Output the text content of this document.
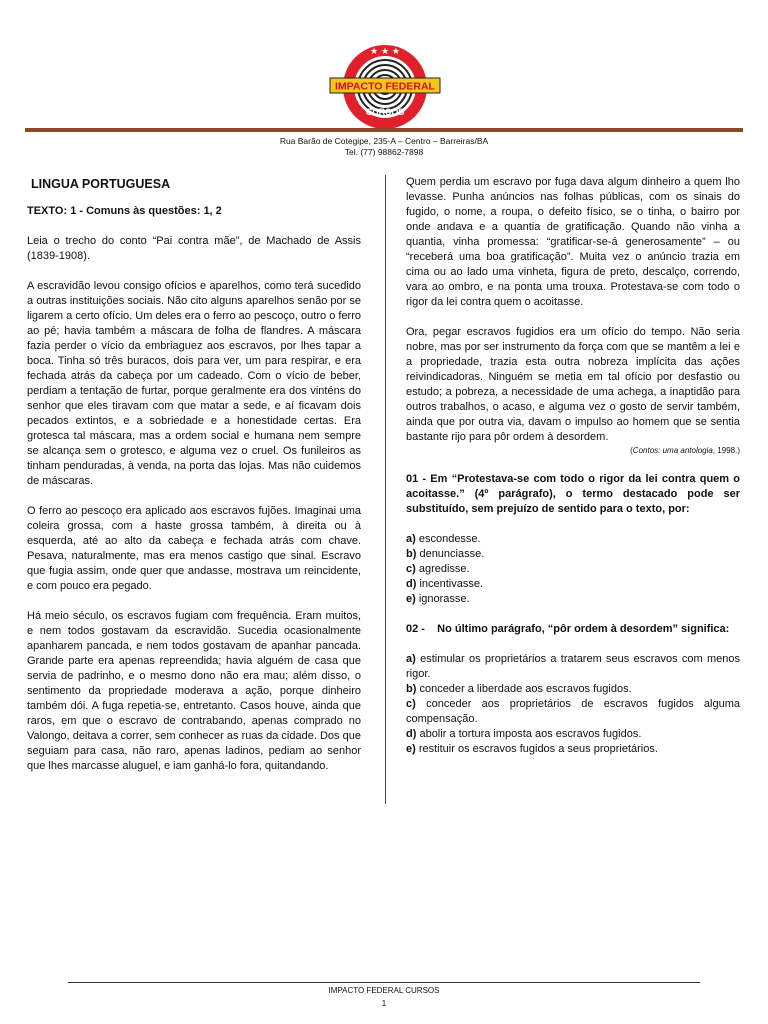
★ ★ ★
IMPACTO FEDERAL
CURSOS
Rua Barão de Cotegipe, 235-A – Centro – Barreiras/BA
Tel. (77) 98862-7898

LINGUA PORTUGUESA

TEXTO: 1 - Comuns às questões: 1, 2

Leia o trecho do conto “Pai contra mãe”, de Machado de Assis (1839-1908).

A escravidão levou consigo ofícios e aparelhos, como terá sucedido a outras instituições sociais. Não cito alguns aparelhos senão por se ligarem a certo ofício. Um deles era o ferro ao pescoço, outro o ferro ao pé; havia também a máscara de folha de flandres. A máscara fazia perder o vício da embriaguez aos escravos, por lhes tapar a boca. Tinha só três buracos, dois para ver, um para respirar, e era fechada atrás da cabeça por um cadeado. Com o vício de beber, perdiam a tentação de furtar, porque geralmente era dos vinténs do senhor que eles tiravam com que matar a sede, e aí ficavam dois pecados extintos, e a sobriedade e a honestidade certas. Era grotesca tal máscara, mas a ordem social e humana nem sempre se alcança sem o grotesco, e alguma vez o cruel. Os funileiros as tinham penduradas, à venda, na porta das lojas. Mas não cuidemos de máscaras.

O ferro ao pescoço era aplicado aos escravos fujões. Imaginai uma coleira grossa, com a haste grossa também, à direita ou à esquerda, até ao alto da cabeça e fechada atrás com chave. Pesava, naturalmente, mas era menos castigo que sinal. Escravo que fugia assim, onde quer que andasse, mostrava um reincidente, e com pouco era pegado.

Há meio século, os escravos fugiam com frequência. Eram muitos, e nem todos gostavam da escravidão. Sucedia ocasionalmente apanharem pancada, e nem todos gostavam de apanhar pancada. Grande parte era apenas repreendida; havia alguém de casa que servia de padrinho, e o mesmo dono não era mau; além disso, o sentimento da propriedade moderava a ação, porque dinheiro também dói. A fuga repetia-se, entretanto. Casos houve, ainda que raros, em que o escravo de contrabando, apenas comprado no Valongo, deitava a correr, sem conhecer as ruas da cidade. Dos que seguiam para casa, não raro, apenas ladinos, pediam ao senhor que lhes marcasse aluguel, e iam ganhá-lo fora, quitandando.

Quem perdia um escravo por fuga dava algum dinheiro a quem lho levasse. Punha anúncios nas folhas públicas, com os sinais do fugido, o nome, a roupa, o defeito físico, se o tinha, o bairro por onde andava e a quantia de gratificação. Quando não vinha a quantia, vinha promessa: “gratificar-se-á generosamente” – ou “receberá uma boa gratificação”. Muita vez o anúncio trazia em cima ou ao lado uma vinheta, figura de preto, descalço, correndo, vara ao ombro, e na ponta uma trouxa. Protestava-se com todo o rigor da lei contra quem o acoitasse.

Ora, pegar escravos fugidios era um ofício do tempo. Não seria nobre, mas por ser instrumento da força com que se mantêm a lei e a propriedade, trazia esta outra nobreza implícita das ações reivindicadoras. Ninguém se metia em tal ofício por desfastio ou estudo; a pobreza, a necessidade de uma achega, a inaptidão para outros trabalhos, o acaso, e alguma vez o gosto de servir também, ainda que por outra via, davam o impulso ao homem que se sentia bastante rijo para pôr ordem à desordem.

(Contos: uma antologia, 1998.)

01 - Em “Protestava-se com todo o rigor da lei contra quem o acoitasse.” (4º parágrafo), o termo destacado pode ser substituído, sem prejuízo de sentido para o texto, por:

a) escondesse.

b) denunciasse.

c) agredisse.

d) incentivasse.

e) ignorasse.

02 -    No último parágrafo, “pôr ordem à desordem” significa:

a) estimular os proprietários a tratarem seus escravos com menos rigor.

b) conceder a liberdade aos escravos fugidos.

c) conceder aos proprietários de escravos fugidos alguma compensação.

d) abolir a tortura imposta aos escravos fugidos.

e) restituir os escravos fugidos a seus proprietários.

IMPACTO FEDERAL CURSOS
1
